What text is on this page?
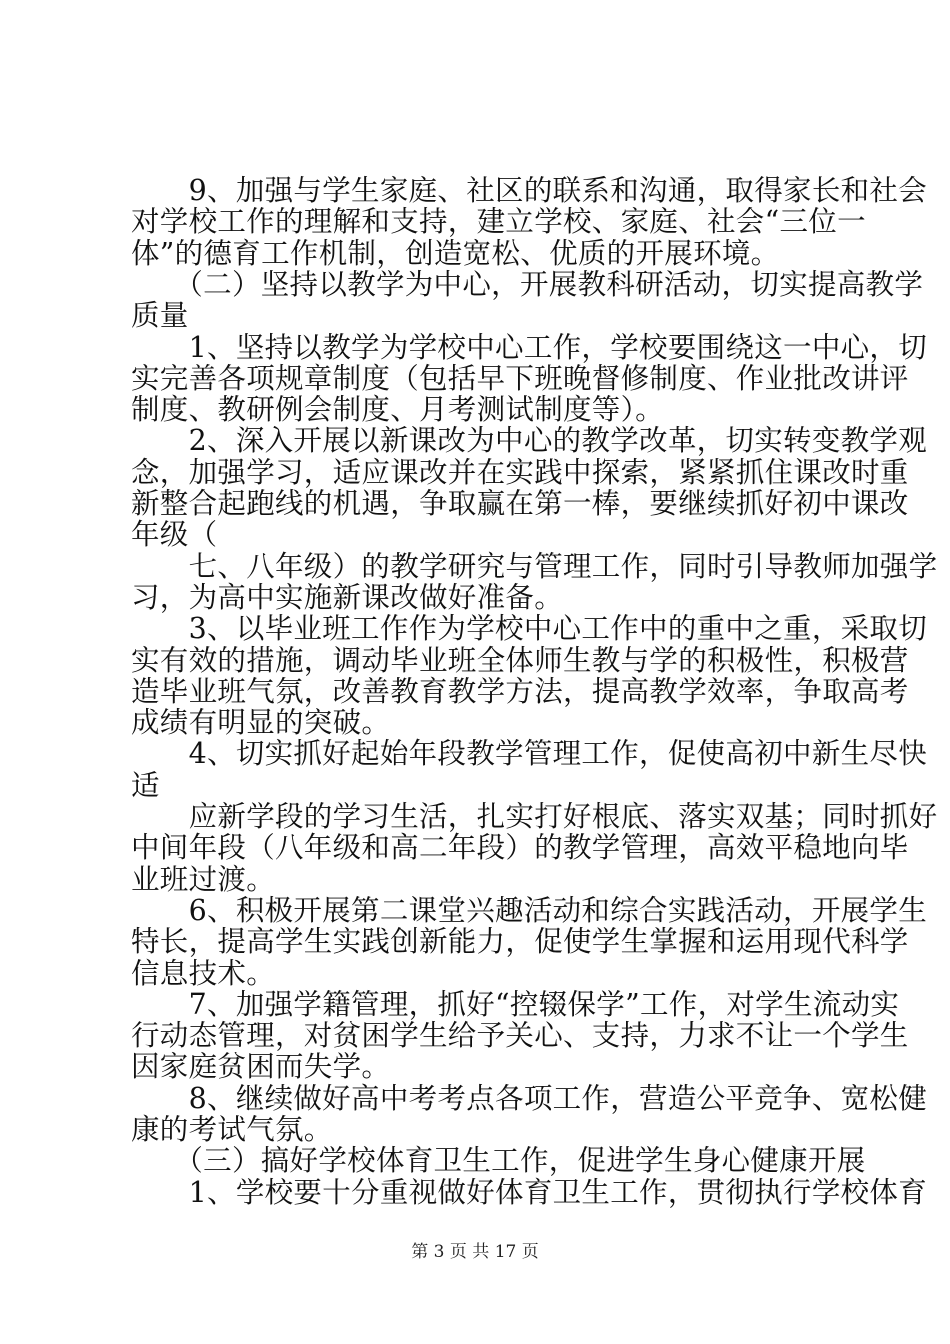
　　9、加强与学生家庭、社区的联系和沟通，取得家长和社会
对学校工作的理解和支持，建立学校、家庭、社会“三位一
体”的德育工作机制，创造宽松、优质的开展环境。
　　（二）坚持以教学为中心，开展教科研活动，切实提高教学
质量
　　1、坚持以教学为学校中心工作，学校要围绕这一中心，切
实完善各项规章制度（包括早下班晚督修制度、作业批改讲评
制度、教研例会制度、月考测试制度等）。
　　2、深入开展以新课改为中心的教学改革，切实转变教学观
念，加强学习，适应课改并在实践中探索，紧紧抓住课改时重
新整合起跑线的机遇，争取赢在第一棒，要继续抓好初中课改
年级（
　　七、八年级）的教学研究与管理工作，同时引导教师加强学
习，为高中实施新课改做好准备。
　　3、以毕业班工作作为学校中心工作中的重中之重，采取切
实有效的措施，调动毕业班全体师生教与学的积极性，积极营
造毕业班气氛，改善教育教学方法，提高教学效率，争取高考
成绩有明显的突破。
　　4、切实抓好起始年段教学管理工作，促使高初中新生尽快
适
　　应新学段的学习生活，扎实打好根底、落实双基；同时抓好
中间年段（八年级和高二年段）的教学管理，高效平稳地向毕
业班过渡。
　　6、积极开展第二课堂兴趣活动和综合实践活动，开展学生
特长，提高学生实践创新能力，促使学生掌握和运用现代科学
信息技术。
　　7、加强学籍管理，抓好“控辍保学”工作，对学生流动实
行动态管理，对贫困学生给予关心、支持，力求不让一个学生
因家庭贫困而失学。
　　8、继续做好高中考考点各项工作，营造公平竞争、宽松健
康的考试气氛。
　　（三）搞好学校体育卫生工作，促进学生身心健康开展
　　1、学校要十分重视做好体育卫生工作，贯彻执行学校体育
第 3 页 共 17 页
